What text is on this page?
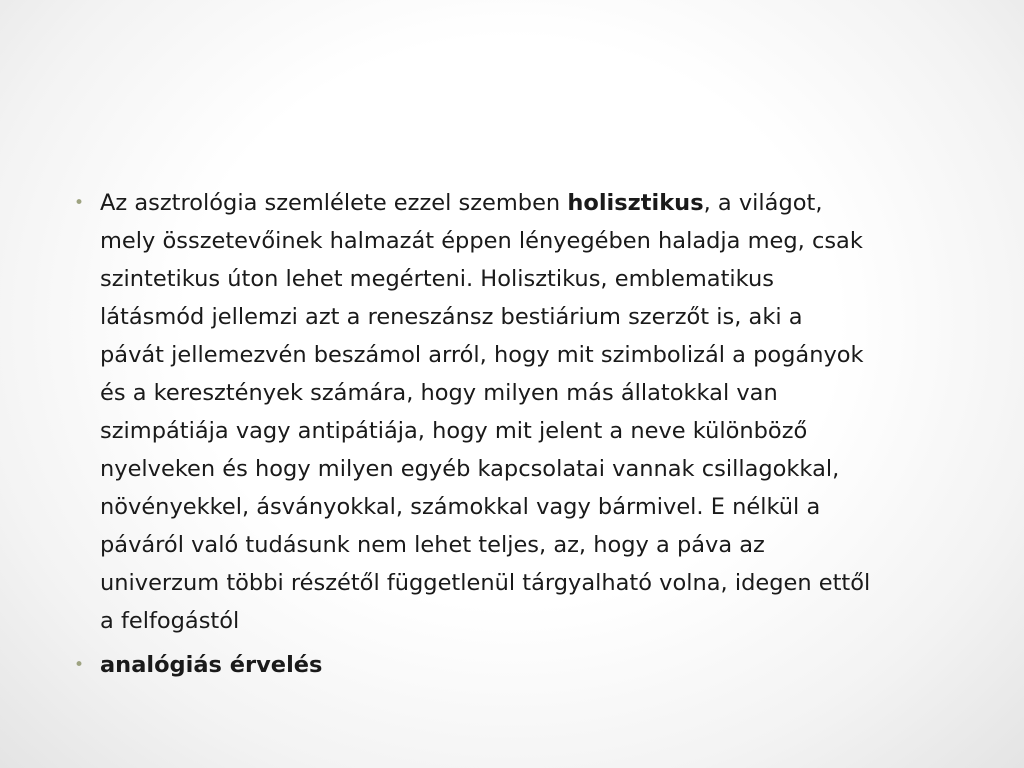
• Az asztrológia szemlélete ezzel szemben holisztikus, a világot, mely összetevőinek halmazát éppen lényegében haladja meg, csak szintetikus úton lehet megérteni. Holisztikus, emblematikus látásmód jellemzi azt a reneszánsz bestiárium szerzőt is, aki a pávát jellemezvén beszámol arról, hogy mit szimbolizál a pogányok és a keresztények számára, hogy milyen más állatokkal van szimpátiája vagy antipátiája, hogy mit jelent a neve különböző nyelveken és hogy milyen egyéb kapcsolatai vannak csillagokkal, növényekkel, ásványokkal, számokkal vagy bármivel. E nélkül a páváról való tudásunk nem lehet teljes, az, hogy a páva az univerzum többi részétől függetlenül tárgyalható volna, idegen ettől a felfogástól
• analógiás érvelés
